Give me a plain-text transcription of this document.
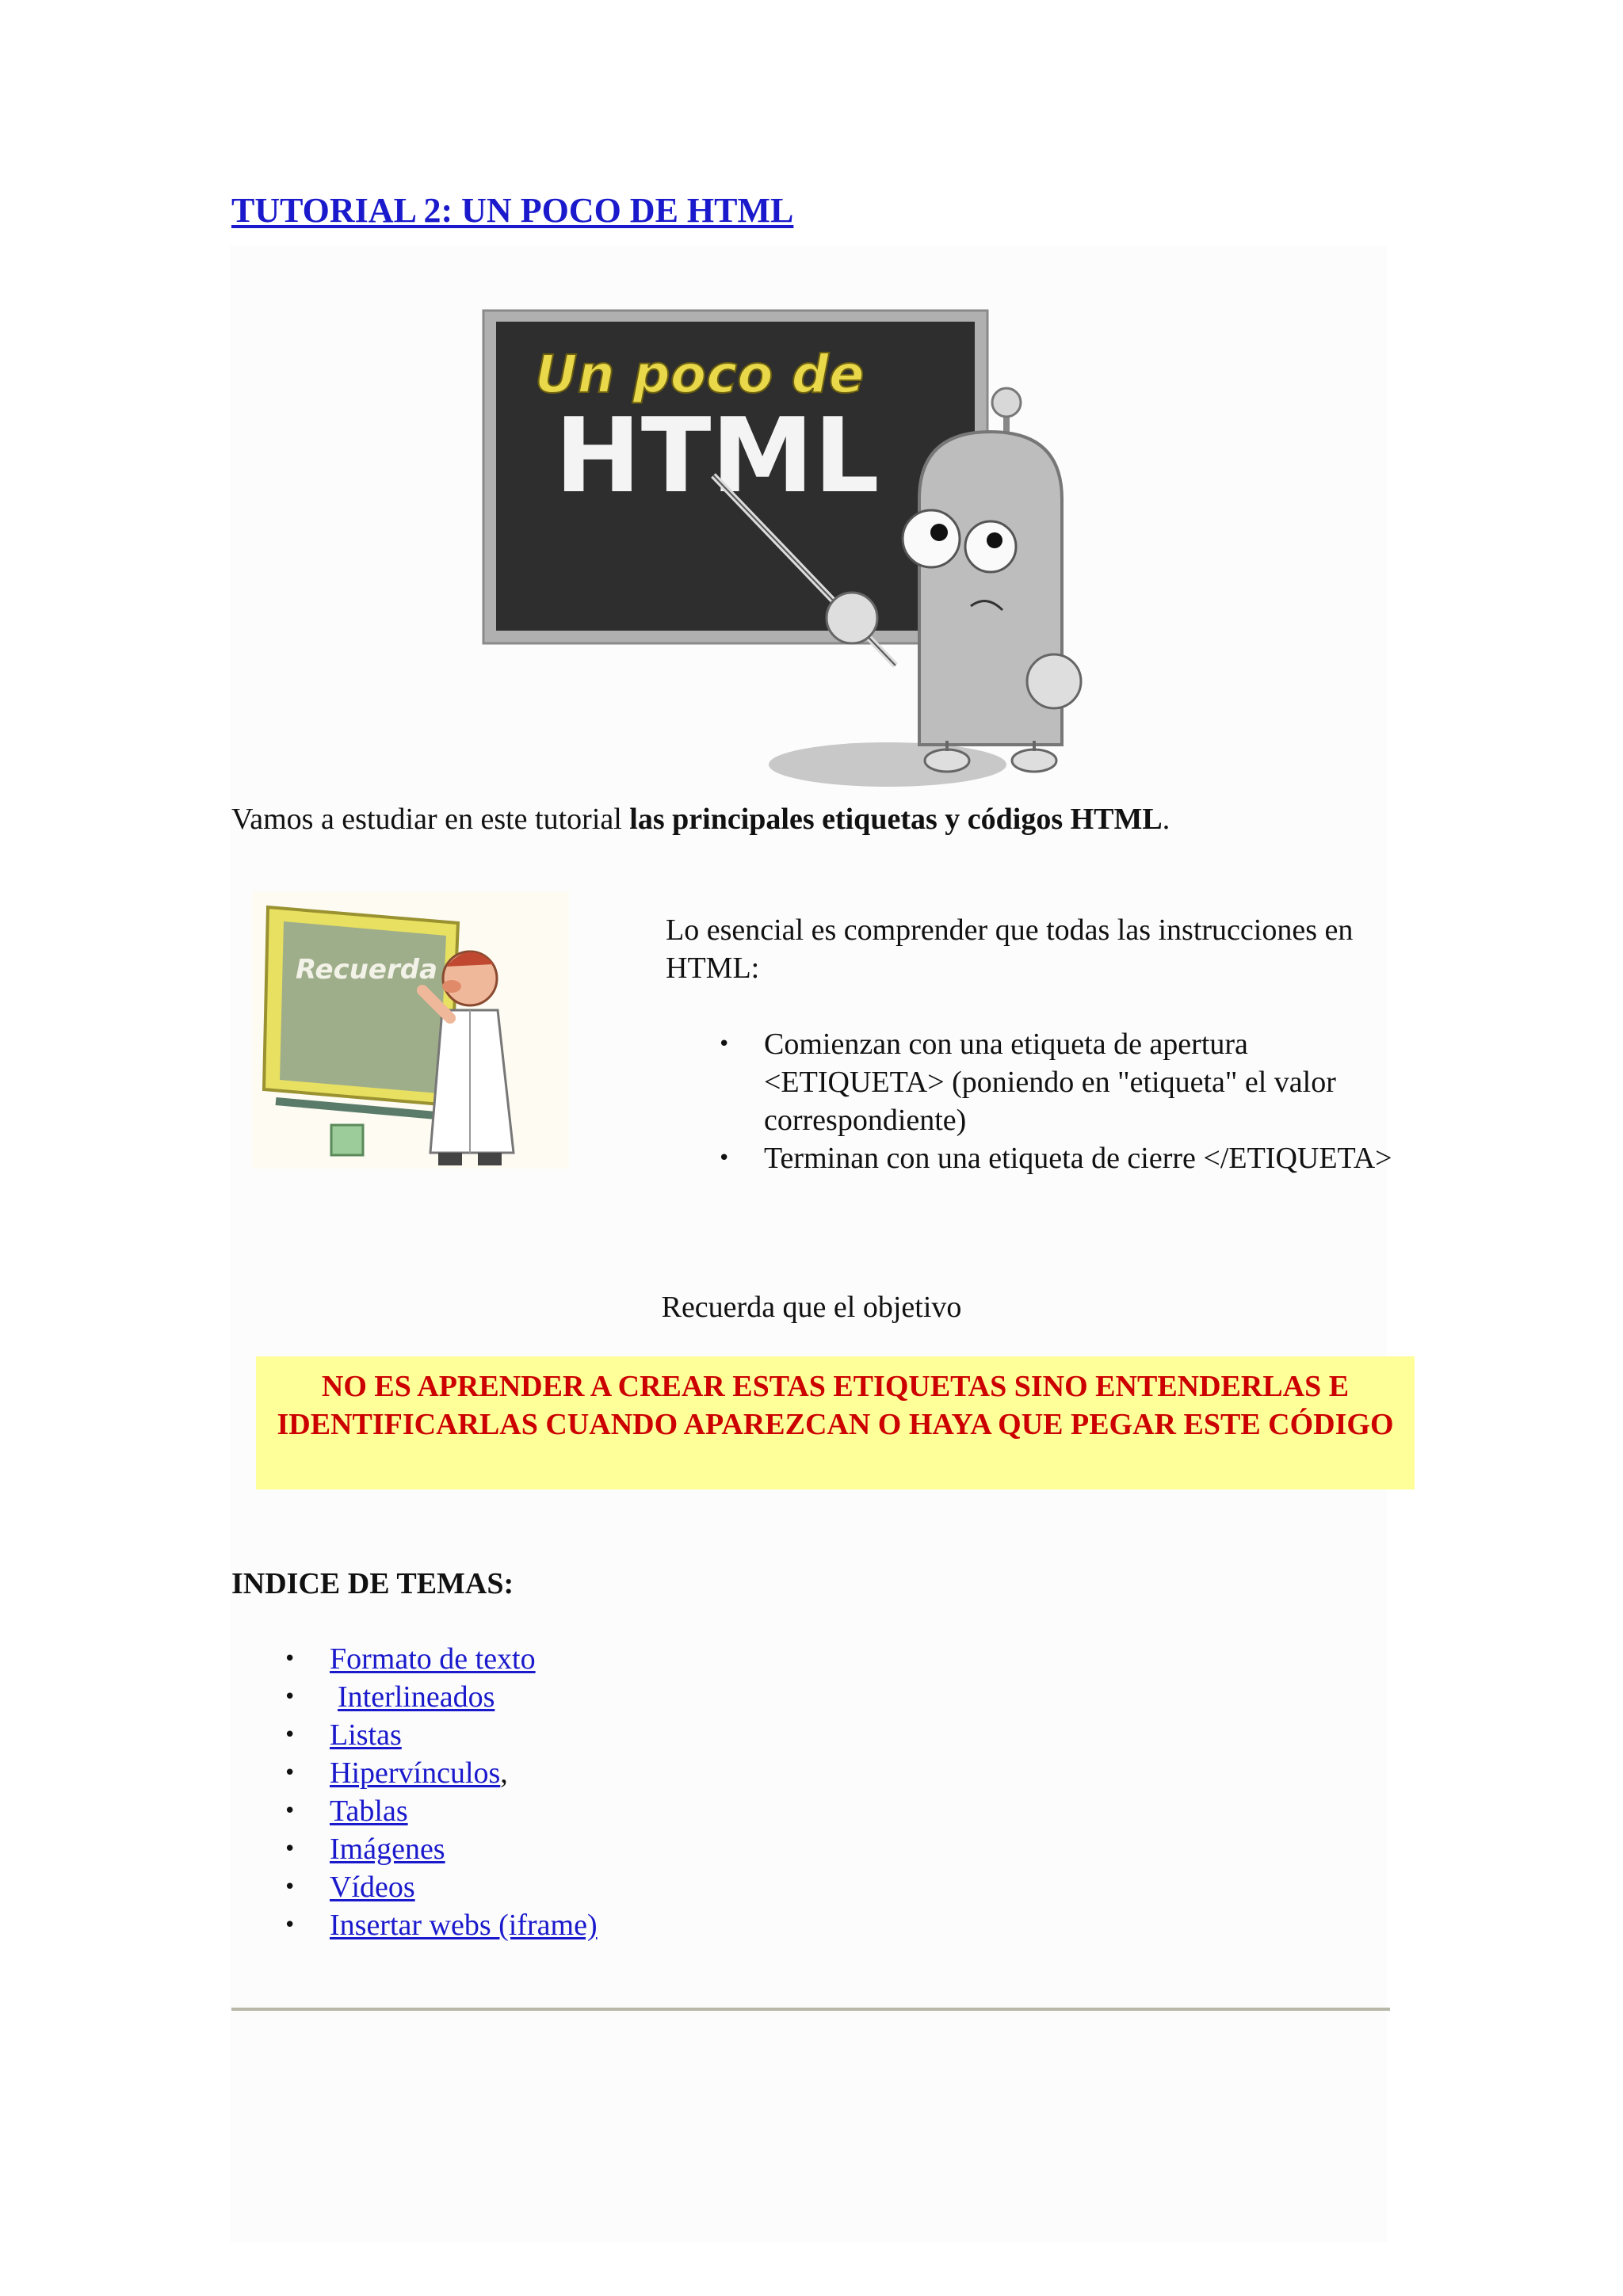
TUTORIAL 2: UN POCO DE HTML
Un poco de
HTML
Vamos a estudiar en este tutorial las principales etiquetas y códigos HTML.
Recuerda

Lo esencial es comprender que todas las instrucciones en HTML:

• Comienzan con una etiqueta de apertura <ETIQUETA> (poniendo en "etiqueta" el valor correspondiente)
• Terminan con una etiqueta de cierre </ETIQUETA>
Recuerda que el objetivo
NO ES APRENDER A CREAR ESTAS ETIQUETAS SINO ENTENDERLAS E IDENTIFICARLAS CUANDO APAREZCAN O HAYA QUE PEGAR ESTE CÓDIGO
INDICE DE TEMAS:
• Formato de texto
• Interlineados
• Listas
• Hipervínculos,
• Tablas
• Imágenes
• Vídeos
• Insertar webs (iframe)
